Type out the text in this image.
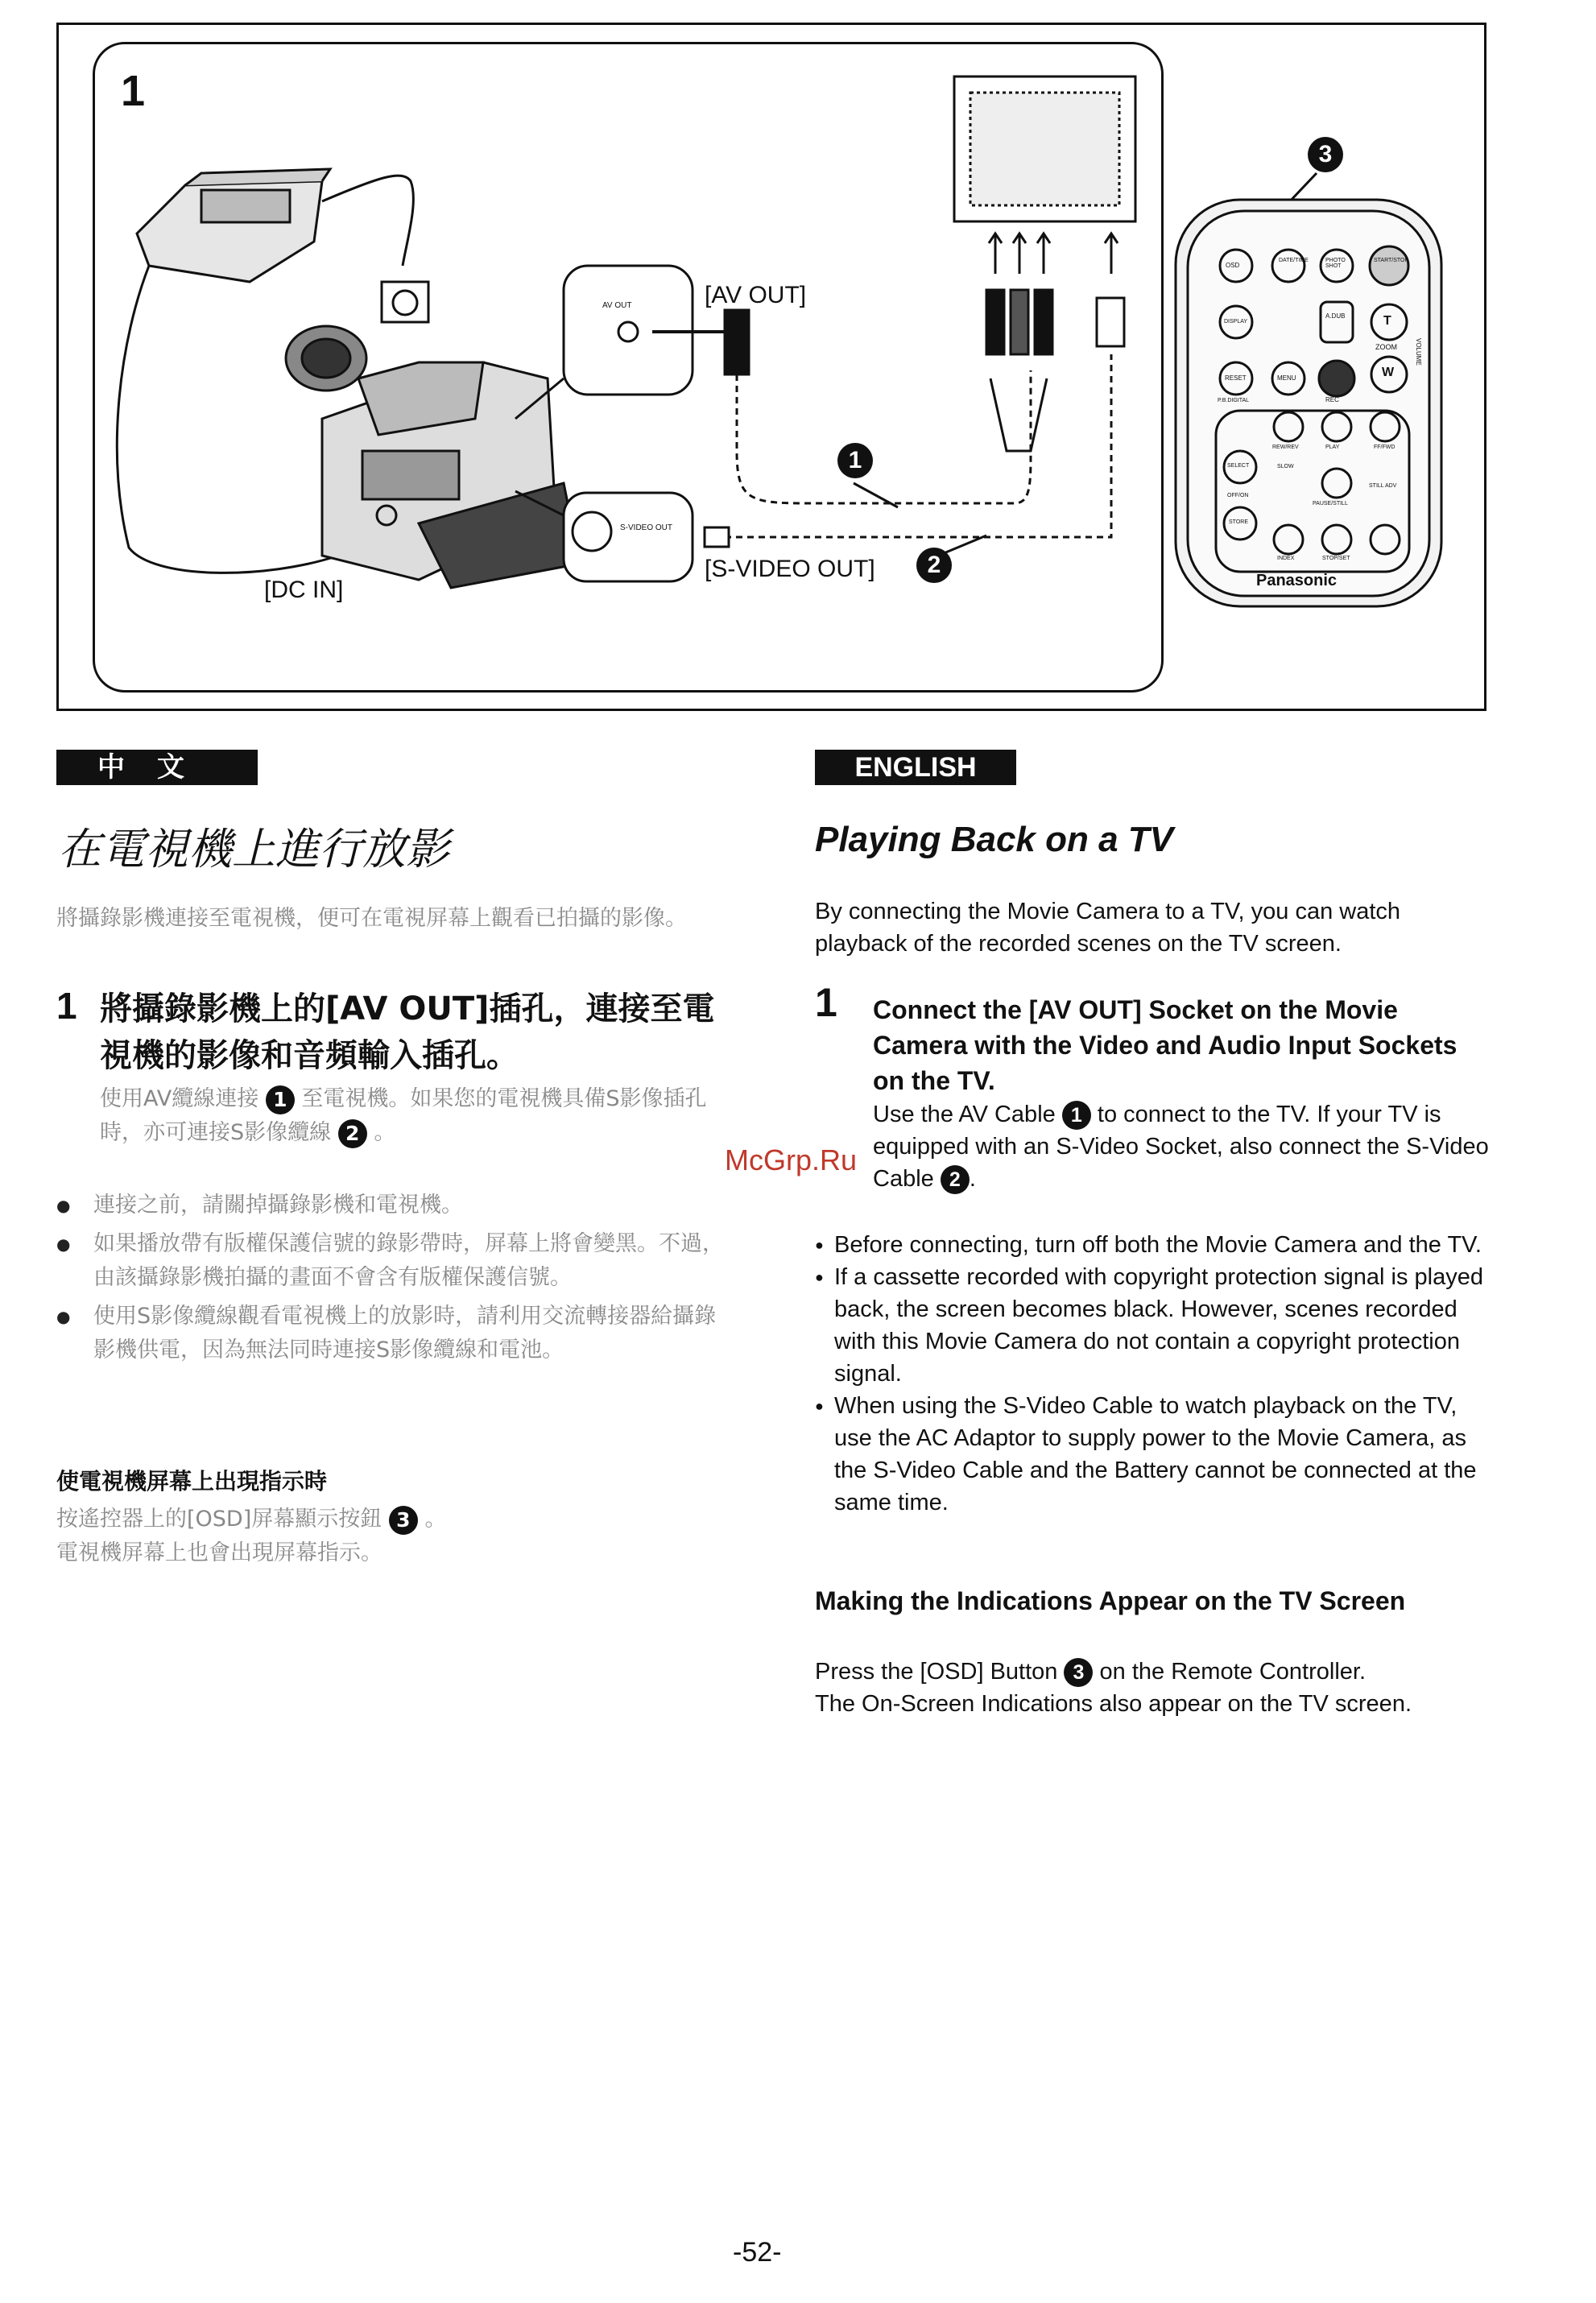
1
[AV OUT]
[S-VIDEO OUT]
[DC IN]
AV OUT
S-VIDEO OUT
1
2
3
Panasonic
OSD
DATE/TIME	PHOTO SHOT
START/STOP
DISPLAY
A.DUB	T
ZOOM
W
RESET	MENU
REC
P.B.DIGITAL
SELECT
REW/REV	PLAY	FF/FWD
SLOW
STILL ADV
PAUSE/STILL
STORE
OFF/ON
INDEX	STOP/SET
VOLUME
中文
在電視機上進行放影
將攝錄影機連接至電視機，便可在電視屏幕上觀看已拍攝的影像。
1 將攝錄影機上的[AV OUT]插孔，連接至電視機的影像和音頻輸入插孔。
使用AV纜線連接 1 至電視機。如果您的電視機具備S影像插孔時，亦可連接S影像纜線 2 。
● 連接之前，請關掉攝錄影機和電視機。
● 如果播放帶有版權保護信號的錄影帶時，屏幕上將會變黑。不過，由該攝錄影機拍攝的畫面不會含有版權保護信號。
● 使用S影像纜線觀看電視機上的放影時，請利用交流轉接器給攝錄影機供電，因為無法同時連接S影像纜線和電池。
使電視機屏幕上出現指示時
按遙控器上的[OSD]屏幕顯示按鈕 3 。
電視機屏幕上也會出現屏幕指示。
ENGLISH
Playing Back on a TV
By connecting the Movie Camera to a TV, you can watch playback of the recorded scenes on the TV screen.
1 Connect the [AV OUT] Socket on the Movie Camera with the Video and Audio Input Sockets on the TV.
Use the AV Cable 1 to connect to the TV. If your TV is equipped with an S-Video Socket, also connect the S-Video Cable 2 .
● Before connecting, turn off both the Movie Camera and the TV.
● If a cassette recorded with copyright protection signal is played back, the screen becomes black. However, scenes recorded with this Movie Camera do not contain a copyright protection signal.
● When using the S-Video Cable to watch playback on the TV, use the AC Adaptor to supply power to the Movie Camera, as the S-Video Cable and the Battery cannot be connected at the same time.
Making the Indications Appear on the TV Screen
Press the [OSD] Button 3 on the Remote Controller.
The On-Screen Indications also appear on the TV screen.
McGrp.Ru
-52-
